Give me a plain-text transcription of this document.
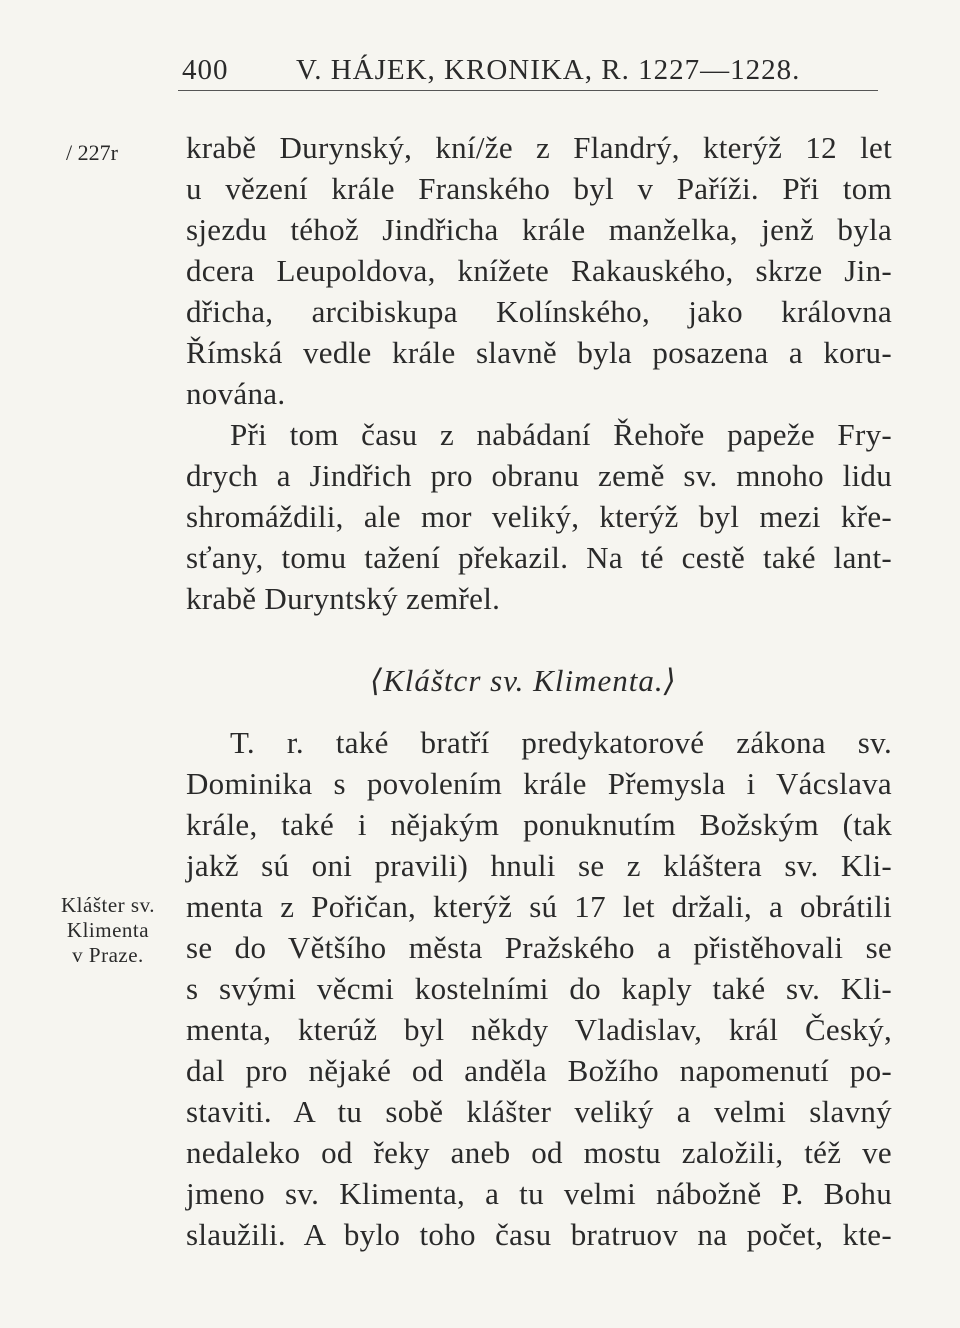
400 V. HÁJEK, KRONIKA, R. 1227—1228.
/ 227r krabě Durynský, kní/že z Flandrý, kterýž 12 let
u vězení krále Franského byl v Paříži. Při tom
sjezdu téhož Jindřicha krále manželka, jenž byla
dcera Leupoldova, knížete Rakauského, skrze Jin-
dřicha, arcibiskupa Kolínského, jako královna
Římská vedle krále slavně byla posazena a koru-
nována.
Při tom času z nabádaní Řehoře papeže Fry-
drych a Jindřich pro obranu země sv. mnoho lidu
shromáždili, ale mor veliký, kterýž byl mezi kře-
sťany, tomu tažení překazil. Na té cestě také lant-
krabě Duryntský zemřel.
⟨Kláštcr sv. Klimenta.⟩
T. r. také bratří predykatorové zákona sv.
Dominika s povolením krále Přemysla i Vácslava
krále, také i nějakým ponuknutím Božským (tak
jakž sú oni pravili) hnuli se z kláštera sv. Kli-
menta z Pořičan, kterýž sú 17 let držali, a obrátili
se do Většího města Pražského a přistěhovali se
s svými věcmi kostelními do kaply také sv. Kli-
menta, kterúž byl někdy Vladislav, král Český,
dal pro nějaké od anděla Božího napomenutí po-
staviti. A tu sobě klášter veliký a velmi slavný
nedaleko od řeky aneb od mostu založili, též ve
jmeno sv. Klimenta, a tu velmi nábožně P. Bohu
slaužili. A bylo toho času bratruov na počet, kte-
Klášter sv.
Klimenta
v Praze.
